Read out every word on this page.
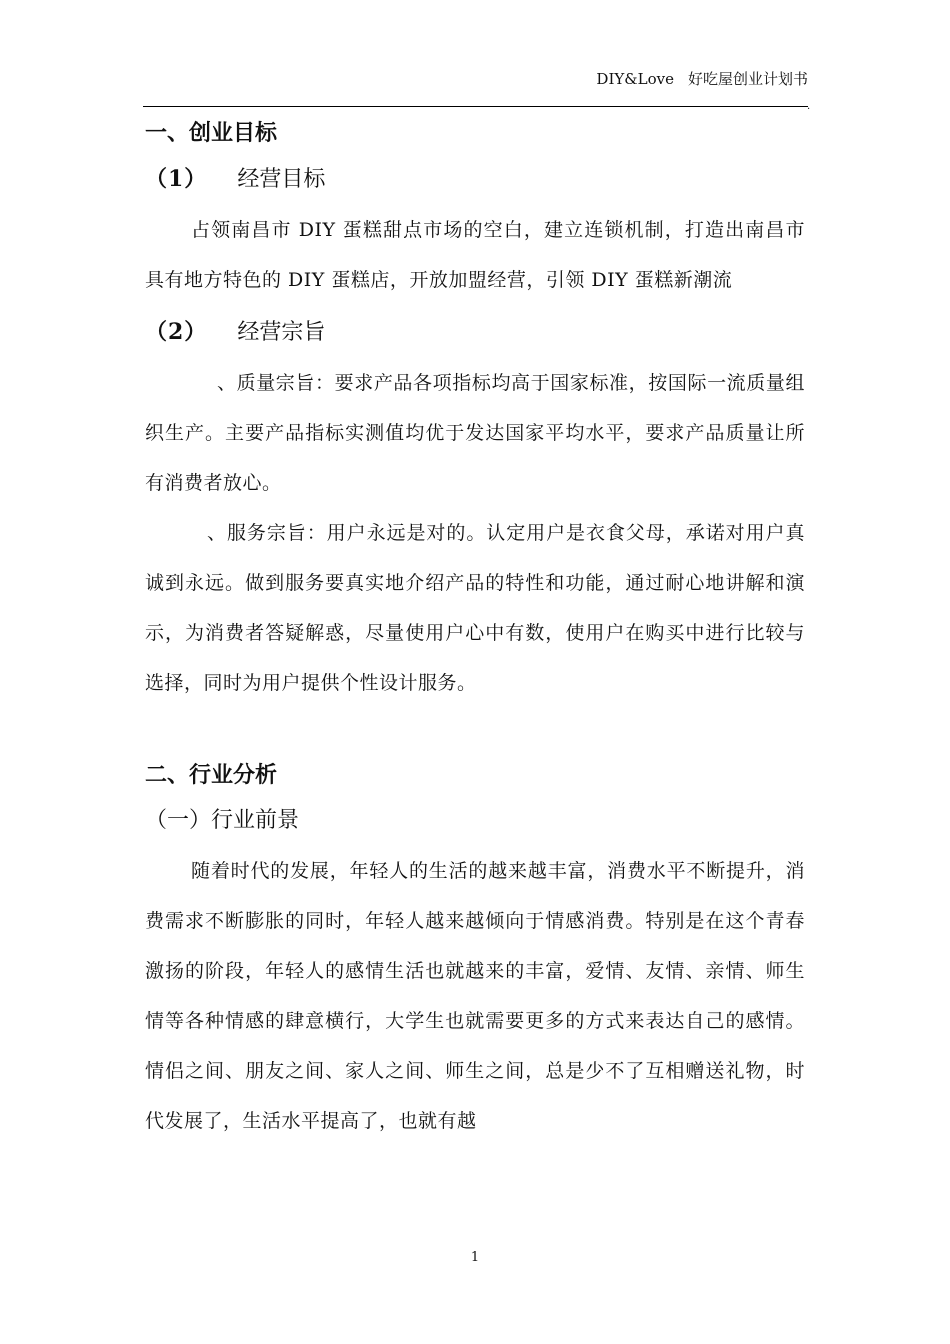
DIY&Love 好吃屋创业计划书
.
一、创业目标
（1） 经营目标

占领南昌市 DIY 蛋糕甜点市场的空白，建立连锁机制，打造出南昌市具有地方特色的 DIY 蛋糕店，开放加盟经营，引领 DIY 蛋糕新潮流

（2） 经营宗旨

、质量宗旨：要求产品各项指标均高于国家标准，按国际一流质量组织生产。主要产品指标实测值均优于发达国家平均水平，要求产品质量让所有消费者放心。

、服务宗旨：用户永远是对的。认定用户是衣食父母，承诺对用户真诚到永远。做到服务要真实地介绍产品的特性和功能，通过耐心地讲解和演示，为消费者答疑解惑，尽量使用户心中有数，使用户在购买中进行比较与选择，同时为用户提供个性设计服务。

二、行业分析
（一）行业前景

随着时代的发展，年轻人的生活的越来越丰富，消费水平不断提升，消费需求不断膨胀的同时，年轻人越来越倾向于情感消费。特别是在这个青春激扬的阶段，年轻人的感情生活也就越来的丰富，爱情、友情、亲情、师生情等各种情感的肆意横行，大学生也就需要更多的方式来表达自己的感情。情侣之间、朋友之间、家人之间、师生之间，总是少不了互相赠送礼物，时代发展了，生活水平提高了，也就有越

1
